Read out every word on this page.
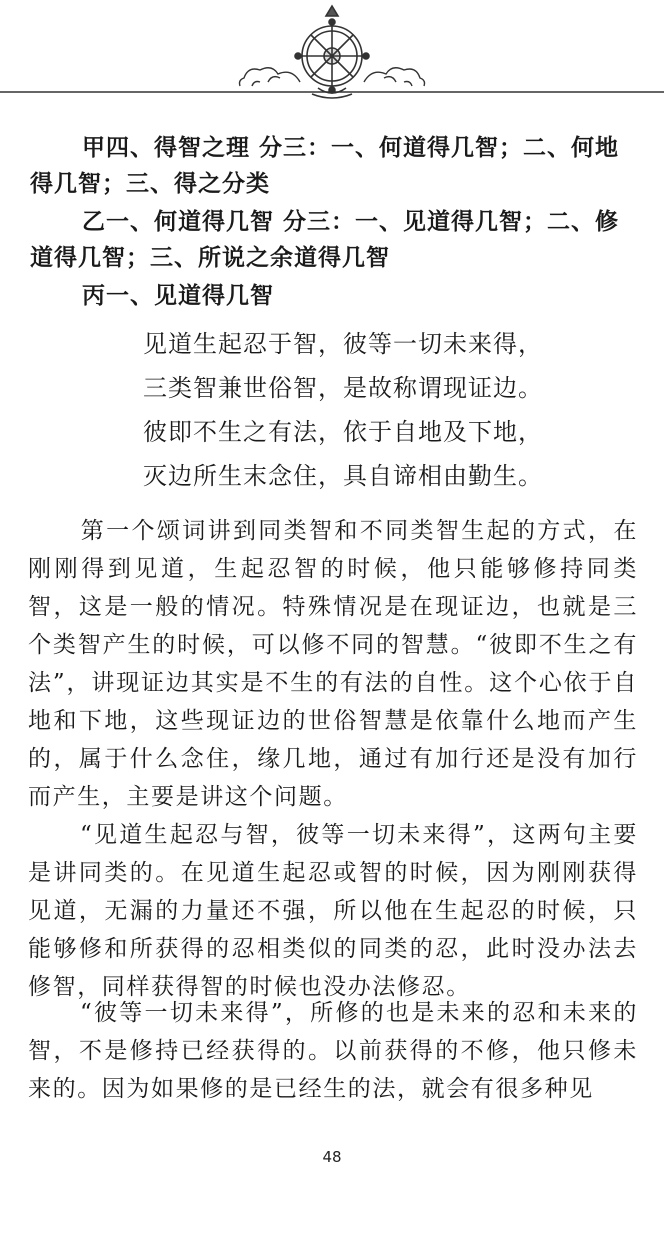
甲四、得智之理 分三：一、何道得几智；二、何地得几智；三、得之分类

乙一、何道得几智 分三：一、见道得几智；二、修道得几智；三、所说之余道得几智

丙一、见道得几智

见道生起忍于智，彼等一切未来得，

三类智兼世俗智，是故称谓现证边。

彼即不生之有法，依于自地及下地，

灭边所生末念住，具自谛相由勤生。

第一个颂词讲到同类智和不同类智生起的方式，在刚刚得到见道，生起忍智的时候，他只能够修持同类智，这是一般的情况。特殊情况是在现证边，也就是三个类智产生的时候，可以修不同的智慧。“彼即不生之有法”，讲现证边其实是不生的有法的自性。这个心依于自地和下地，这些现证边的世俗智慧是依靠什么地而产生的，属于什么念住，缘几地，通过有加行还是没有加行而产生，主要是讲这个问题。

“见道生起忍与智，彼等一切未来得”，这两句主要是讲同类的。在见道生起忍或智的时候，因为刚刚获得见道，无漏的力量还不强，所以他在生起忍的时候，只能够修和所获得的忍相类似的同类的忍，此时没办法去修智，同样获得智的时候也没办法修忍。

“彼等一切未来得”，所修的也是未来的忍和未来的智，不是修持已经获得的。以前获得的不修，他只修未来的。因为如果修的是已经生的法，就会有很多种见

48
